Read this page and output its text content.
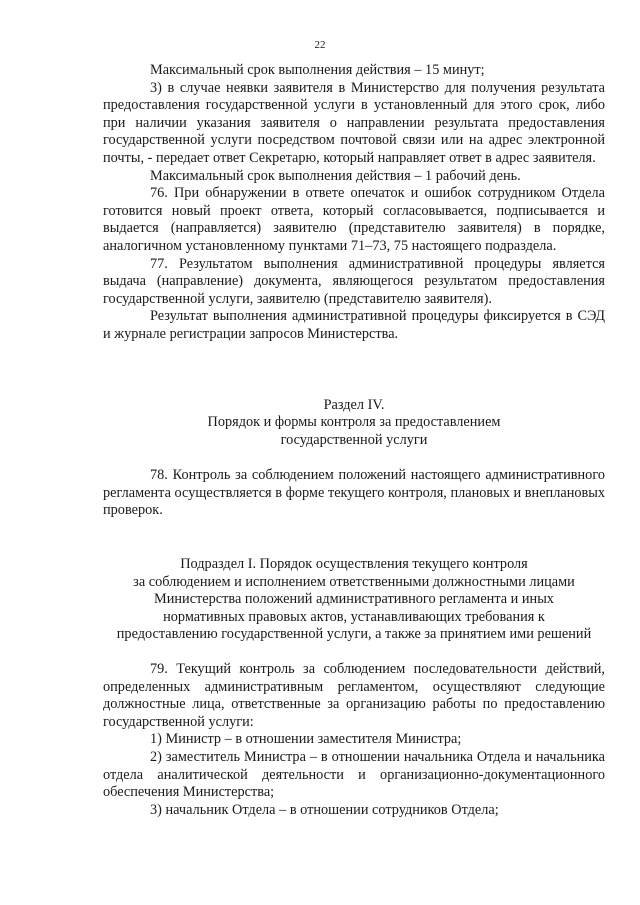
22

Максимальный срок выполнения действия – 15 минут;

3) в случае неявки заявителя в Министерство для получения результата предоставления государственной услуги в установленный для этого срок, либо при наличии указания заявителя о направлении результата предоставления государственной услуги посредством почтовой связи или на адрес электронной почты, - передает ответ Секретарю, который направляет ответ в адрес заявителя.

Максимальный срок выполнения действия – 1 рабочий день.

76. При обнаружении в ответе опечаток и ошибок сотрудником Отдела готовится новый проект ответа, который согласовывается, подписывается и выдается (направляется) заявителю (представителю заявителя) в порядке, аналогичном установленному пунктами 71–73, 75 настоящего подраздела.

77. Результатом выполнения административной процедуры является выдача (направление) документа, являющегося результатом предоставления государственной услуги, заявителю (представителю заявителя).

Результат выполнения административной процедуры фиксируется в СЭД и журнале регистрации запросов Министерства.

Раздел IV.

Порядок и формы контроля за предоставлением

государственной услуги

78. Контроль за соблюдением положений настоящего административного регламента осуществляется в форме текущего контроля, плановых и внеплановых проверок.

Подраздел I. Порядок осуществления текущего контроля

за соблюдением и исполнением ответственными должностными лицами

Министерства положений административного регламента и иных

нормативных правовых актов, устанавливающих требования к

предоставлению государственной услуги, а также за принятием ими решений

79. Текущий контроль за соблюдением последовательности действий, определенных административным регламентом, осуществляют следующие должностные лица, ответственные за организацию работы по предоставлению государственной услуги:

1) Министр – в отношении заместителя Министра;

2) заместитель Министра – в отношении начальника Отдела и начальника отдела аналитической деятельности и организационно-документационного обеспечения Министерства;

3) начальник Отдела – в отношении сотрудников Отдела;
